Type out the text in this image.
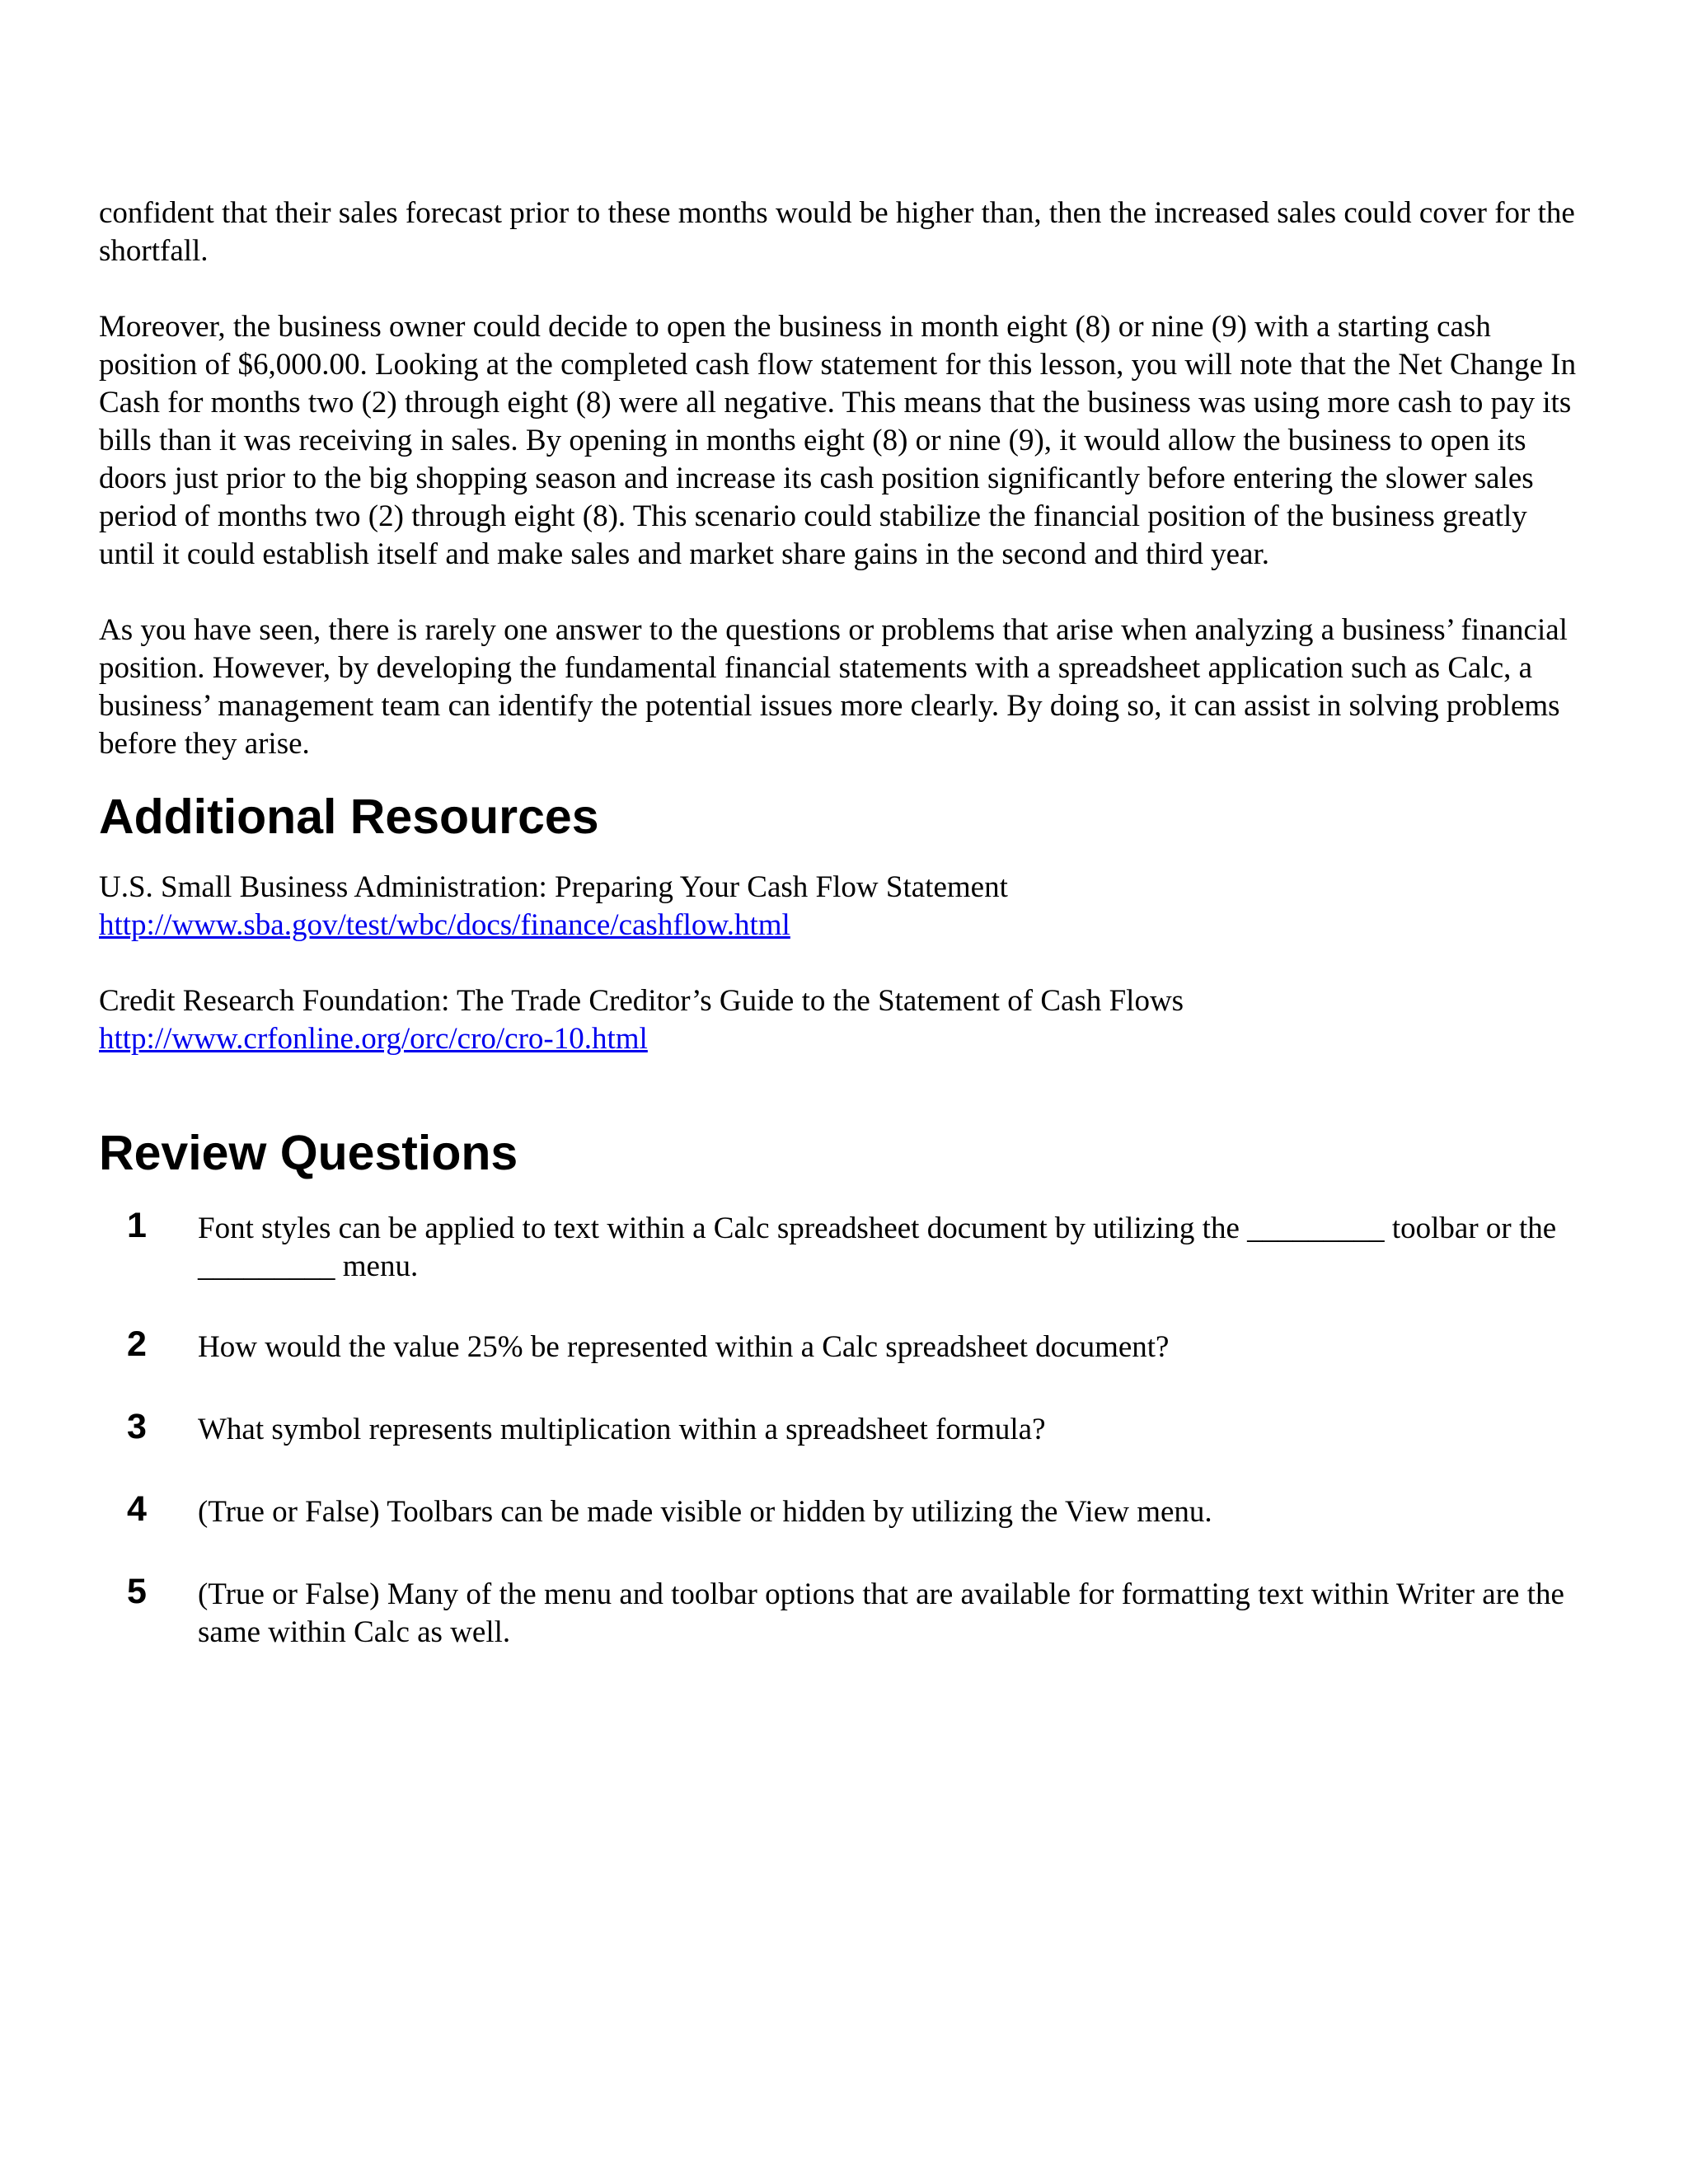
confident that their sales forecast prior to these months would be higher than, then the increased sales could cover for the shortfall.

Moreover, the business owner could decide to open the business in month eight (8) or nine (9) with a starting cash position of $6,000.00. Looking at the completed cash flow statement for this lesson, you will note that the Net Change In Cash for months two (2) through eight (8) were all negative. This means that the business was using more cash to pay its bills than it was receiving in sales. By opening in months eight (8) or nine (9), it would allow the business to open its doors just prior to the big shopping season and increase its cash position significantly before entering the slower sales period of months two (2) through eight (8). This scenario could stabilize the financial position of the business greatly until it could establish itself and make sales and market share gains in the second and third year.

As you have seen, there is rarely one answer to the questions or problems that arise when analyzing a business’ financial position. However, by developing the fundamental financial statements with a spreadsheet application such as Calc, a business’ management team can identify the potential issues more clearly. By doing so, it can assist in solving problems before they arise.

Additional Resources
U.S. Small Business Administration: Preparing Your Cash Flow Statement
http://www.sba.gov/test/wbc/docs/finance/cashflow.html
Credit Research Foundation: The Trade Creditor’s Guide to the Statement of Cash Flows
http://www.crfonline.org/orc/cro/cro-10.html
Review Questions
1 Font styles can be applied to text within a Calc spreadsheet document by utilizing the _________ toolbar or the _________ menu.
2 How would the value 25% be represented within a Calc spreadsheet document?
3 What symbol represents multiplication within a spreadsheet formula?
4 (True or False) Toolbars can be made visible or hidden by utilizing the View menu.
5 (True or False) Many of the menu and toolbar options that are available for formatting text within Writer are the same within Calc as well.
